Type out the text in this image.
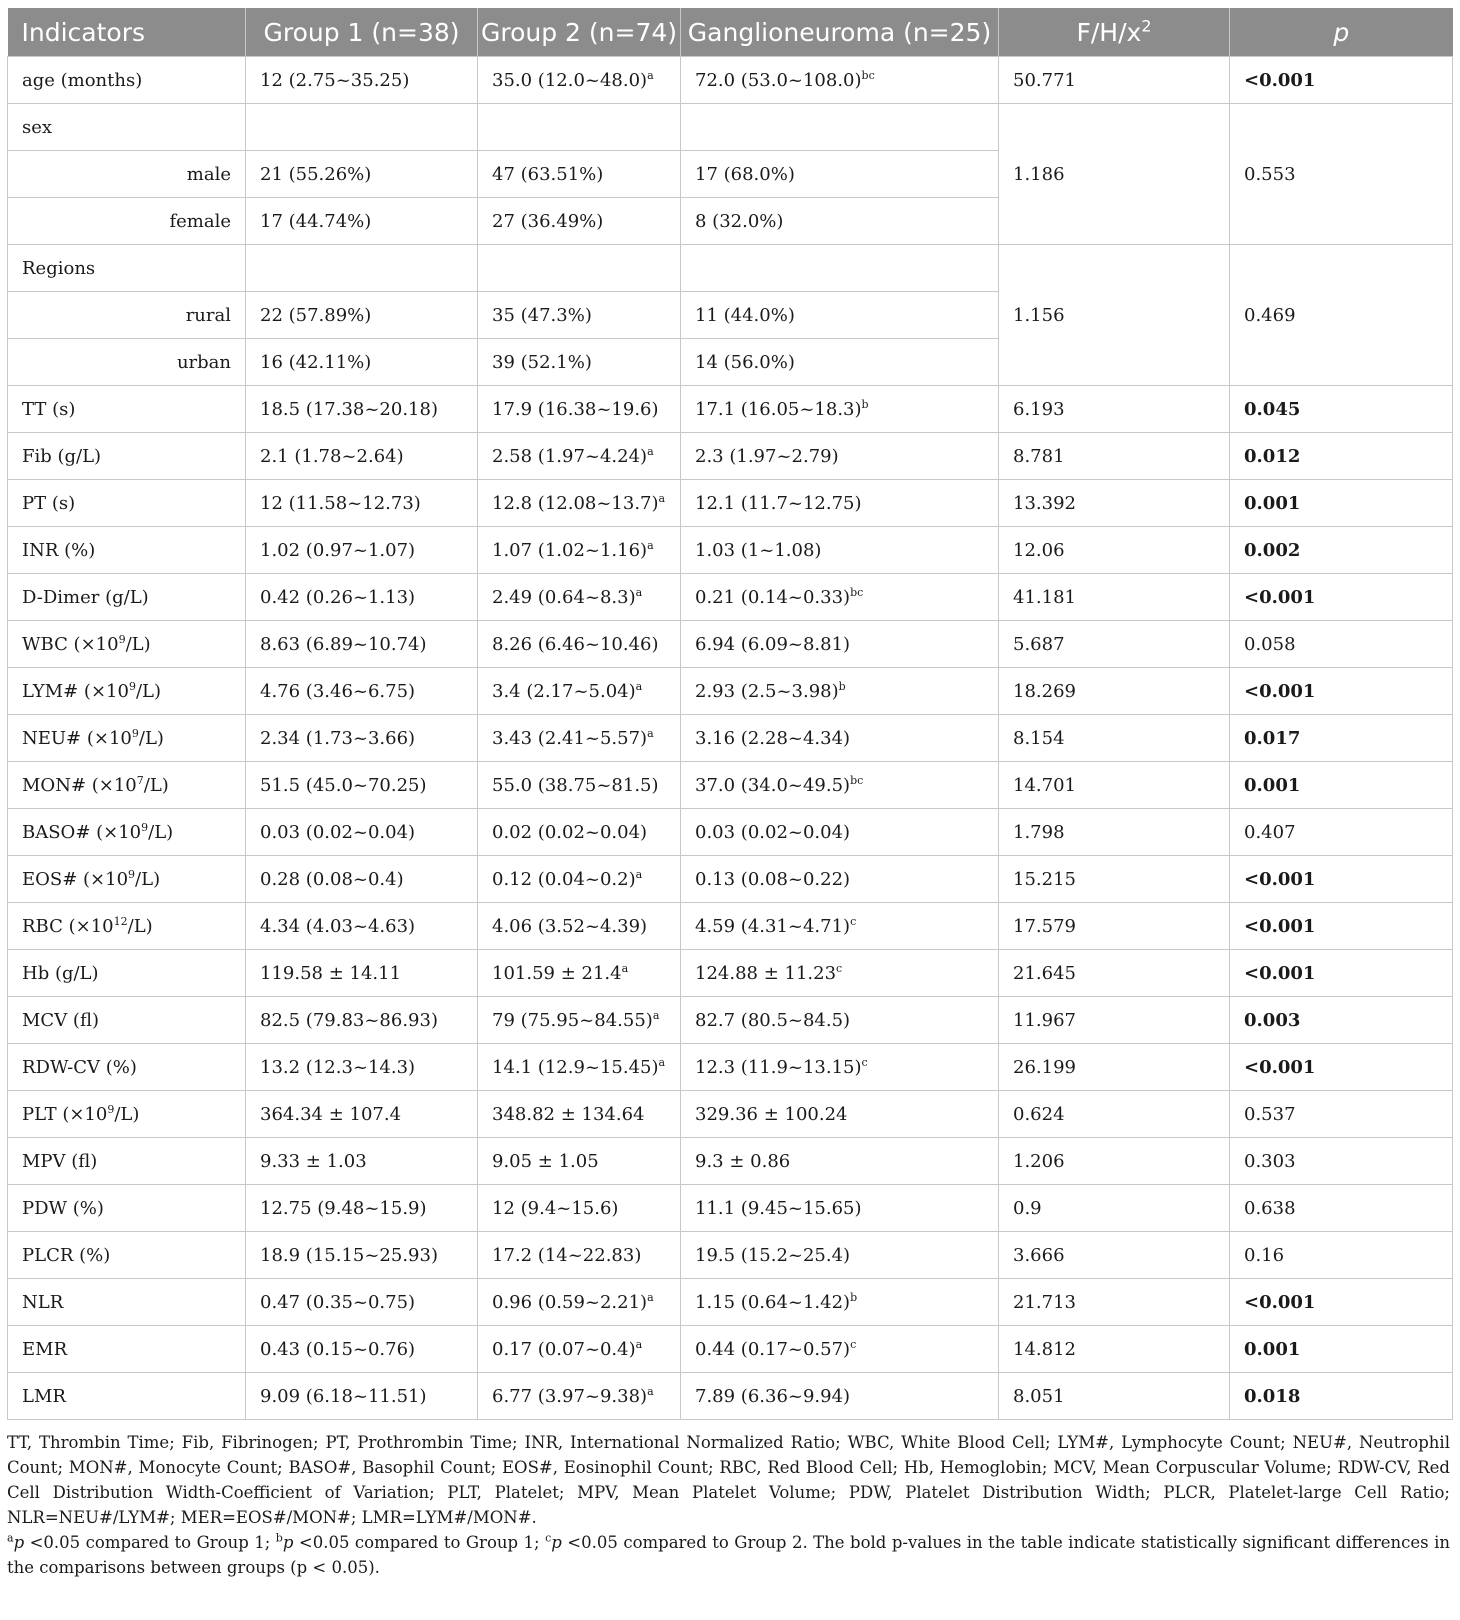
Indicators	Group 1 (n=38)	Group 2 (n=74)	Ganglioneuroma (n=25)	$F/H/x^2$	p
age (months)	12 (2.75~35.25)	35.0 (12.0~48.0)$^a$	72.0 (53.0~108.0)$^{bc}$	50.771	<0.001
sex				1.186	0.553
male	21 (55.26%)	47 (63.51%)	17 (68.0%)		
female	17 (44.74%)	27 (36.49%)	8 (32.0%)		
Regions				1.156	0.469
rural	22 (57.89%)	35 (47.3%)	11 (44.0%)		
urban	16 (42.11%)	39 (52.1%)	14 (56.0%)		
TT (s)	18.5 (17.38~20.18)	17.9 (16.38~19.6)	17.1 (16.05~18.3)$^b$	6.193	0.045
Fib (g/L)	2.1 (1.78~2.64)	2.58 (1.97~4.24)$^a$	2.3 (1.97~2.79)	8.781	0.012
PT (s)	12 (11.58~12.73)	12.8 (12.08~13.7)$^a$	12.1 (11.7~12.75)	13.392	0.001
INR (%)	1.02 (0.97~1.07)	1.07 (1.02~1.16)$^a$	1.03 (1~1.08)	12.06	0.002
D-Dimer (g/L)	0.42 (0.26~1.13)	2.49 (0.64~8.3)$^a$	0.21 (0.14~0.33)$^{bc}$	41.181	<0.001
WBC $(\times 10^9/L)$	8.63 (6.89~10.74)	8.26 (6.46~10.46)	6.94 (6.09~8.81)	5.687	0.058
LYM# $(\times 10^9/L)$	4.76 (3.46~6.75)	3.4 (2.17~5.04)$^a$	2.93 (2.5~3.98)$^b$	18.269	<0.001
NEU# $(\times 10^9/L)$	2.34 (1.73~3.66)	3.43 (2.41~5.57)$^a$	3.16 (2.28~4.34)	8.154	0.017
MON# $(\times 10^7/L)$	51.5 (45.0~70.25)	55.0 (38.75~81.5)	37.0 (34.0~49.5)$^{bc}$	14.701	0.001
BASO# $(\times 10^9/L)$	0.03 (0.02~0.04)	0.02 (0.02~0.04)	0.03 (0.02~0.04)	1.798	0.407
EOS# $(\times 10^9/L)$	0.28 (0.08~0.4)	0.12 (0.04~0.2)$^a$	0.13 (0.08~0.22)	15.215	<0.001
RBC $(\times 10^{12}/L)$	4.34 (4.03~4.63)	4.06 (3.52~4.39)	4.59 (4.31~4.71)$^c$	17.579	<0.001
Hb (g/L)	119.58 ± 14.11	101.59 ± 21.4$^a$	124.88 ± 11.23$^c$	21.645	<0.001
MCV (fl)	82.5 (79.83~86.93)	79 (75.95~84.55)$^a$	82.7 (80.5~84.5)	11.967	0.003
RDW-CV (%)	13.2 (12.3~14.3)	14.1 (12.9~15.45)$^a$	12.3 (11.9~13.15)$^c$	26.199	<0.001
PLT $(\times 10^9/L)$	364.34 ± 107.4	348.82 ± 134.64	329.36 ± 100.24	0.624	0.537
MPV (fl)	9.33 ± 1.03	9.05 ± 1.05	9.3 ± 0.86	1.206	0.303
PDW (%)	12.75 (9.48~15.9)	12 (9.4~15.6)	11.1 (9.45~15.65)	0.9	0.638
PLCR (%)	18.9 (15.15~25.93)	17.2 (14~22.83)	19.5 (15.2~25.4)	3.666	0.16
NLR	0.47 (0.35~0.75)	0.96 (0.59~2.21)$^a$	1.15 (0.64~1.42)$^b$	21.713	<0.001
EMR	0.43 (0.15~0.76)	0.17 (0.07~0.4)$^a$	0.44 (0.17~0.57)$^c$	14.812	0.001
LMR	9.09 (6.18~11.51)	6.77 (3.97~9.38)$^a$	7.89 (6.36~9.94)	8.051	0.018

TT, Thrombin Time; Fib, Fibrinogen; PT, Prothrombin Time; INR, International Normalized Ratio; WBC, White Blood Cell; LYM#, Lymphocyte Count; NEU#, Neutrophil Count; MON#, Monocyte Count; BASO#, Basophil Count; EOS#, Eosinophil Count; RBC, Red Blood Cell; Hb, Hemoglobin; MCV, Mean Corpuscular Volume; RDW-CV, Red Cell Distribution Width-Coefficient of Variation; PLT, Platelet; MPV, Mean Platelet Volume; PDW, Platelet Distribution Width; PLCR, Platelet-large Cell Ratio; NLR=NEU#/LYM#; MER=EOS#/MON#; LMR=LYM#/MON#.

$^a$p <0.05 compared to Group 1; $^b$p <0.05 compared to Group 1; $^c$p <0.05 compared to Group 2. The bold p-values in the table indicate statistically significant differences in the comparisons between groups (p < 0.05).
